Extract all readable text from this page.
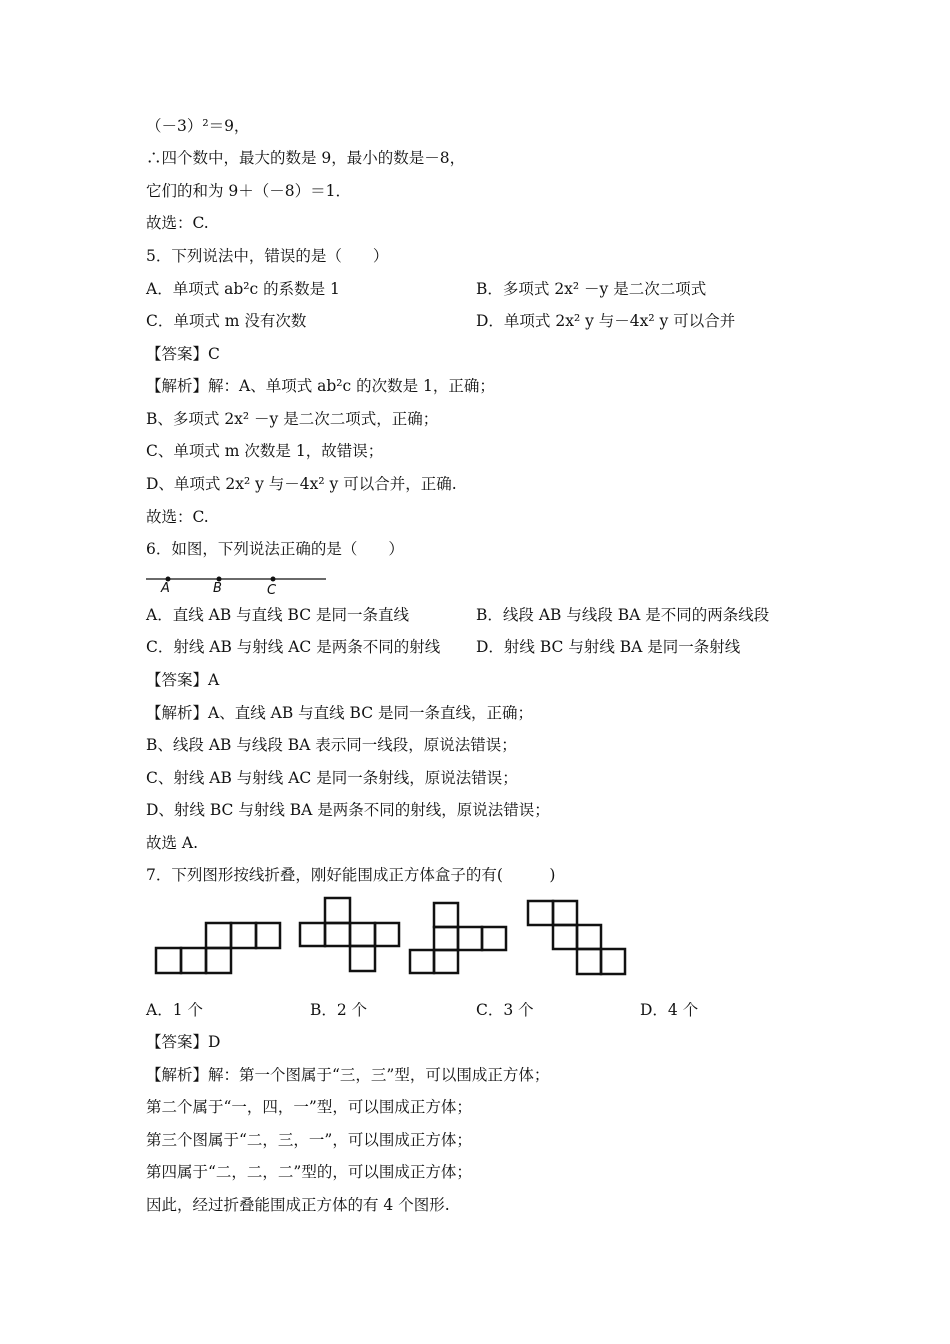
（－3）²＝9，
∴四个数中，最大的数是 9，最小的数是－8，
它们的和为 9＋（－8）＝1．
故选：C.
5．下列说法中，错误的是（　　）
A．单项式 ab²c 的系数是 1	B．多项式 2x² －y 是二次二项式
C．单项式 m 没有次数	D．单项式 2x² y 与－4x² y 可以合并
【答案】C
【解析】解：A、单项式 ab²c 的次数是 1，正确；
B、多项式 2x² －y 是二次二项式，正确；
C、单项式 m 次数是 1，故错误；
D、单项式 2x² y 与－4x² y 可以合并，正确.
故选：C.
6．如图，下列说法正确的是（　　）
A	B	C
A．直线 AB 与直线 BC 是同一条直线	B．线段 AB 与线段 BA 是不同的两条线段
C．射线 AB 与射线 AC 是两条不同的射线 D．射线 BC 与射线 BA 是同一条射线
【答案】A
【解析】A、直线 AB 与直线 BC 是同一条直线，正确；
B、线段 AB 与线段 BA 表示同一线段，原说法错误；
C、射线 AB 与射线 AC 是同一条射线，原说法错误；
D、射线 BC 与射线 BA 是两条不同的射线，原说法错误；
故选 A.
7．下列图形按线折叠，刚好能围成正方体盒子的有(　　　)
A．1 个	B．2 个	C．3 个	D．4 个
【答案】D
【解析】解：第一个图属于“三，三”型，可以围成正方体；
第二个属于“一，四，一”型，可以围成正方体；
第三个图属于“二，三，一”，可以围成正方体；
第四属于“二，二，二”型的，可以围成正方体；
因此，经过折叠能围成正方体的有 4 个图形.
